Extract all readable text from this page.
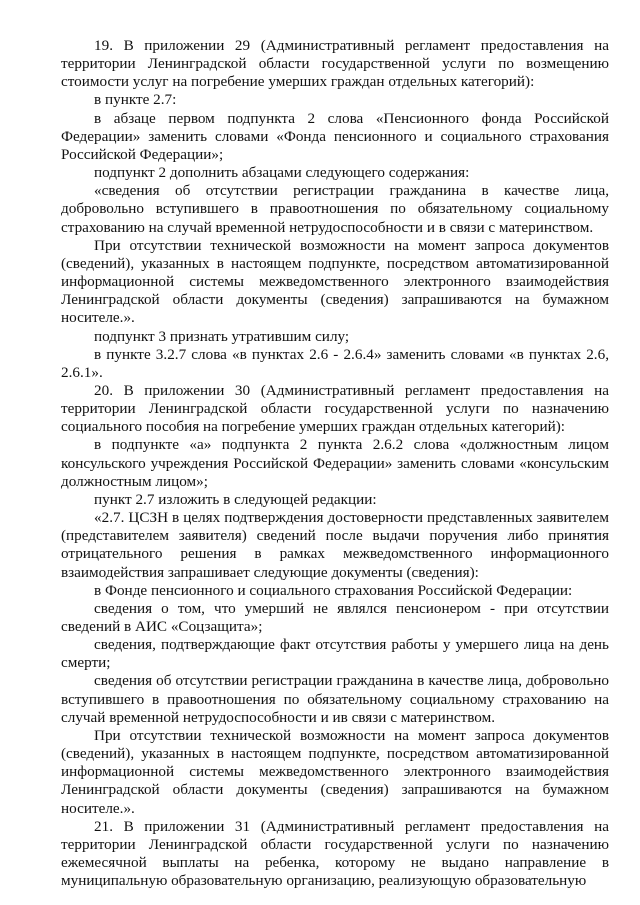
19. В приложении 29 (Административный регламент предоставления на территории Ленинградской области государственной услуги по возмещению стоимости услуг на погребение умерших граждан отдельных категорий):

в пункте 2.7:

в абзаце первом подпункта 2 слова «Пенсионного фонда Российской Федерации» заменить словами «Фонда пенсионного и социального страхования Российской Федерации»;

подпункт 2 дополнить абзацами следующего содержания:

«сведения об отсутствии регистрации гражданина в качестве лица, добровольно вступившего в правоотношения по обязательному социальному страхованию на случай временной нетрудоспособности и в связи с материнством.

При отсутствии технической возможности на момент запроса документов (сведений), указанных в настоящем подпункте, посредством автоматизированной информационной системы межведомственного электронного взаимодействия Ленинградской области документы (сведения) запрашиваются на бумажном носителе.».

подпункт 3 признать утратившим силу;

в пункте 3.2.7 слова «в пунктах 2.6 - 2.6.4» заменить словами «в пунктах 2.6, 2.6.1».

20. В приложении 30 (Административный регламент предоставления на территории Ленинградской области государственной услуги по назначению социального пособия на погребение умерших граждан отдельных категорий):

в подпункте «а» подпункта 2 пункта 2.6.2 слова «должностным лицом консульского учреждения Российской Федерации» заменить словами «консульским должностным лицом»;

пункт 2.7 изложить в следующей редакции:

«2.7. ЦСЗН в целях подтверждения достоверности представленных заявителем (представителем заявителя) сведений после выдачи поручения либо принятия отрицательного решения в рамках межведомственного информационного взаимодействия запрашивает следующие документы (сведения):

в Фонде пенсионного и социального страхования Российской Федерации:

сведения о том, что умерший не являлся пенсионером - при отсутствии сведений в АИС «Соцзащита»;

сведения, подтверждающие факт отсутствия работы у умершего лица на день смерти;

сведения об отсутствии регистрации гражданина в качестве лица, добровольно вступившего в правоотношения по обязательному социальному страхованию на случай временной нетрудоспособности и ив связи с материнством.

При отсутствии технической возможности на момент запроса документов (сведений), указанных в настоящем подпункте, посредством автоматизированной информационной системы межведомственного электронного взаимодействия Ленинградской области документы (сведения) запрашиваются на бумажном носителе.».

21. В приложении 31 (Административный регламент предоставления на территории Ленинградской области государственной услуги по назначению ежемесячной выплаты на ребенка, которому не выдано направление в муниципальную образовательную организацию, реализующую образовательную
